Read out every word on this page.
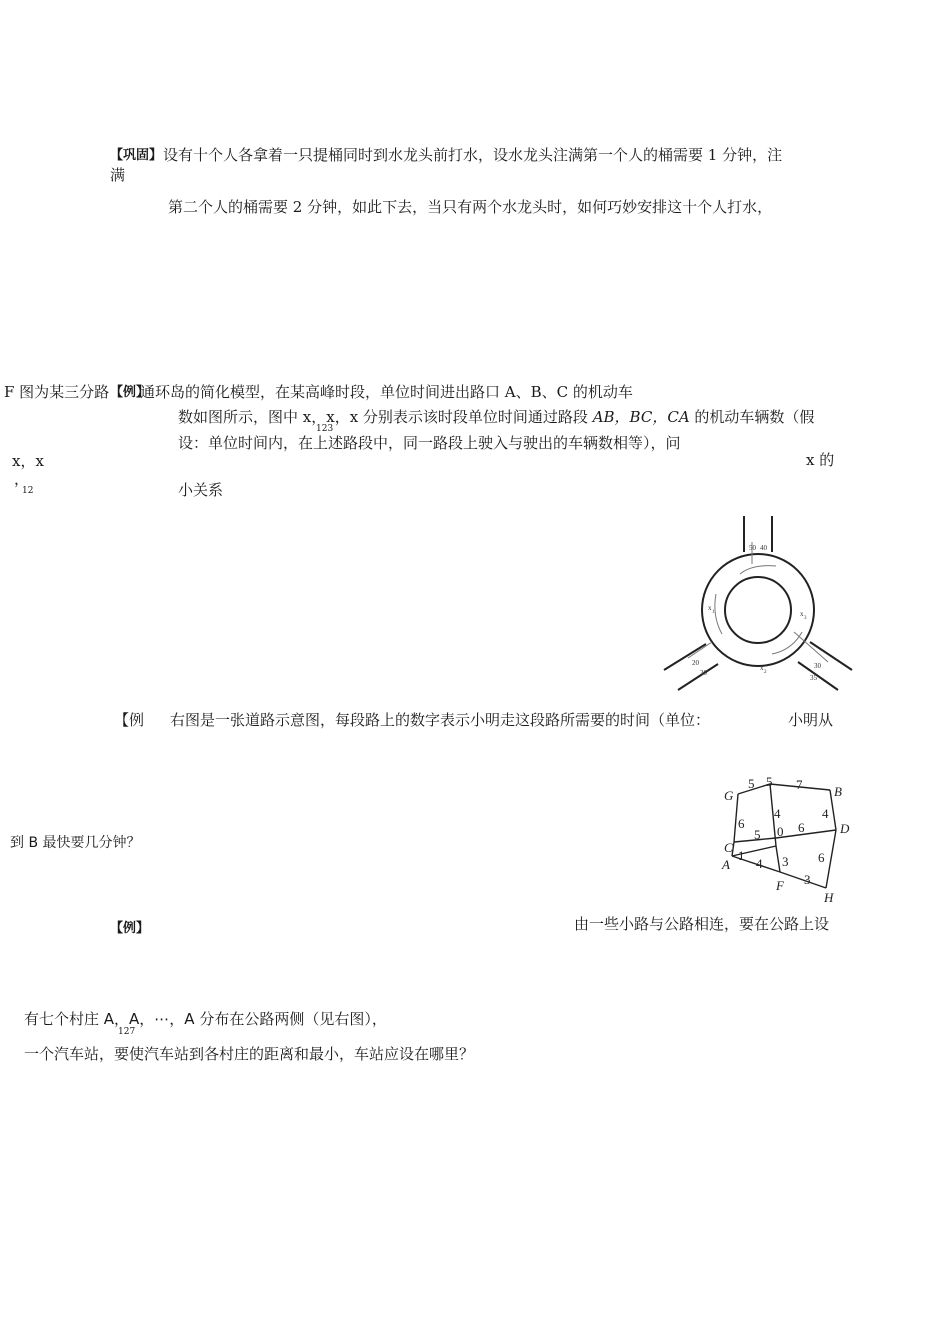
【巩固】 设有十个人各拿着一只提桶同时到水龙头前打水，设水龙头注满第一个人的桶需要 1 分钟，注
满
第二个人的桶需要 2 分钟，如此下去，当只有两个水龙头时，如何巧妙安排这十个人打水，
F 图为某三分路	通环岛的简化模型，在某高峰时段，单位时间进出路口 A、B、C 的机动车
【例】
数如图所示，图中 x，x，x 分别表示该时段单位时间通过路段 AB，BC，CA 的机动车辆数（假
123
设：单位时间内，在上述路段中，同一路段上驶入与驶出的车辆数相等），问
x，x
，
12
x 的
小关系
50 40
x
1
x
2
x
3
20
30
30
35
【例 右图是一张道路示意图，每段路上的数字表示小明走这段路所需要的时间（单位：	小明从
到 B 最快要几分钟？
G	B
D
C
A
F
H
5 5 7
4	4
6
5 0 6
1
4 3 6
3
【例】	由一些小路与公路相连，要在公路上设
有七个村庄 A，A，⋯，A 分布在公路两侧（见右图），
127
一个汽车站，要使汽车站到各村庄的距离和最小，车站应设在哪里？
